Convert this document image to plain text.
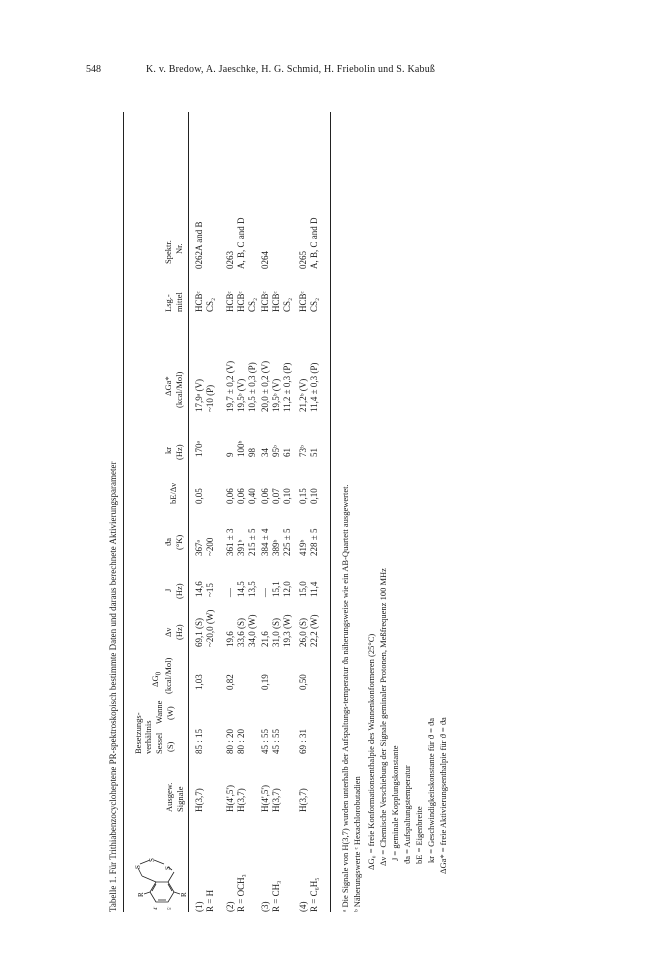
548	K. v. Bredow, A. Jaeschke, H. G. Schmid, H. Friebolin und S. Kabuß
Tabelle 1. Für Trithiabenzocycloheptene PR-spektroskopisch bestimmte Daten und daraus berechnete Aktivierungsparameter S
S
S
R	R
4' 5'
Ausgew. Signale
Besetzungs- verhältnis Sessel
Wanne
(S)
(W)
$\Delta G_0$ (kcal/Mol)
Δν (Hz)
J (Hz)
ϑa (°K)
bE/Δν
kr (Hz)
ΔGa* (kcal/Mol)
Lsg.- mittel
Spektr. Nr.
(1) R = H
1,03
H(3,7)
85 : 15
69,1 (S) ~20,0 (W)
14,6 ~15
367ᵃ ~200
0,05
170ᵃ
17,9ᵃ (V) ~10 (P)
HCBᶜ CS₂
0262A and B
(2) R = OCH₃
0,82
H(4',5') H(3,7)
80 : 20 80 : 20
19,6 33,6 (S) 34,0 (W)
— 14,5 13,5
361 ± 3 391ᵇ 215 ± 5
0,06 0,06 0,40
9 100ᵇ 98
19,7 ± 0,2 (V) 19,5ᵇ (V) 10,5 ± 0,3 (P)
HCBᶜ HCBᶜ CS₂
0263 A, B, C and D
(3) R = CH₃
0,19
H(4',5') H(3,7)
45 : 55 45 : 55
21,6 31,0 (S) 19,3 (W)
— 15,1 12,0
384 ± 4 389ᵇ 225 ± 5
0,06 0,07 0,10
34 95ᵇ 61
20,0 ± 0,2 (V) 19,5ᵇ (V) 11,2 ± 0,3 (P)
HCBᶜ HCBᶜ CS₂
0264
(4) R = C₆H₅
0,50
H(3,7)
69 : 31
26,0 (S) 22,2 (W)
15,0 11,4
419ᵇ 228 ± 5
0,15 0,10
73ᵇ 51
21,2ᵇ (V) 11,4 ± 0,3 (P)
HCBᶜ CS₂
0265 A, B, C and D
ᵃ Die Signale von H(3,7) wurden unterhalb der Aufspaltungs-temperatur ϑa näherungsweise wie ein AB-Quartett ausgewertet. ᵇ Näherungswerte ᶜ Hexachlorobutadien ΔG₀ = freie Konformationsenthalpie des Wannenkonformeren (25°C) Δν = Chemische Verschiebung der Signale geminaler Protonen, Meßfrequenz 100 MHz J = geminale Kopplungskonstante ϑa = Aufspaltungstemperatur bE = Eigenbreite kr = Geschwindigkeitskonstante für ϑ = ϑa ΔGa* = freie Aktivierungsenthalpie für ϑ = ϑa
